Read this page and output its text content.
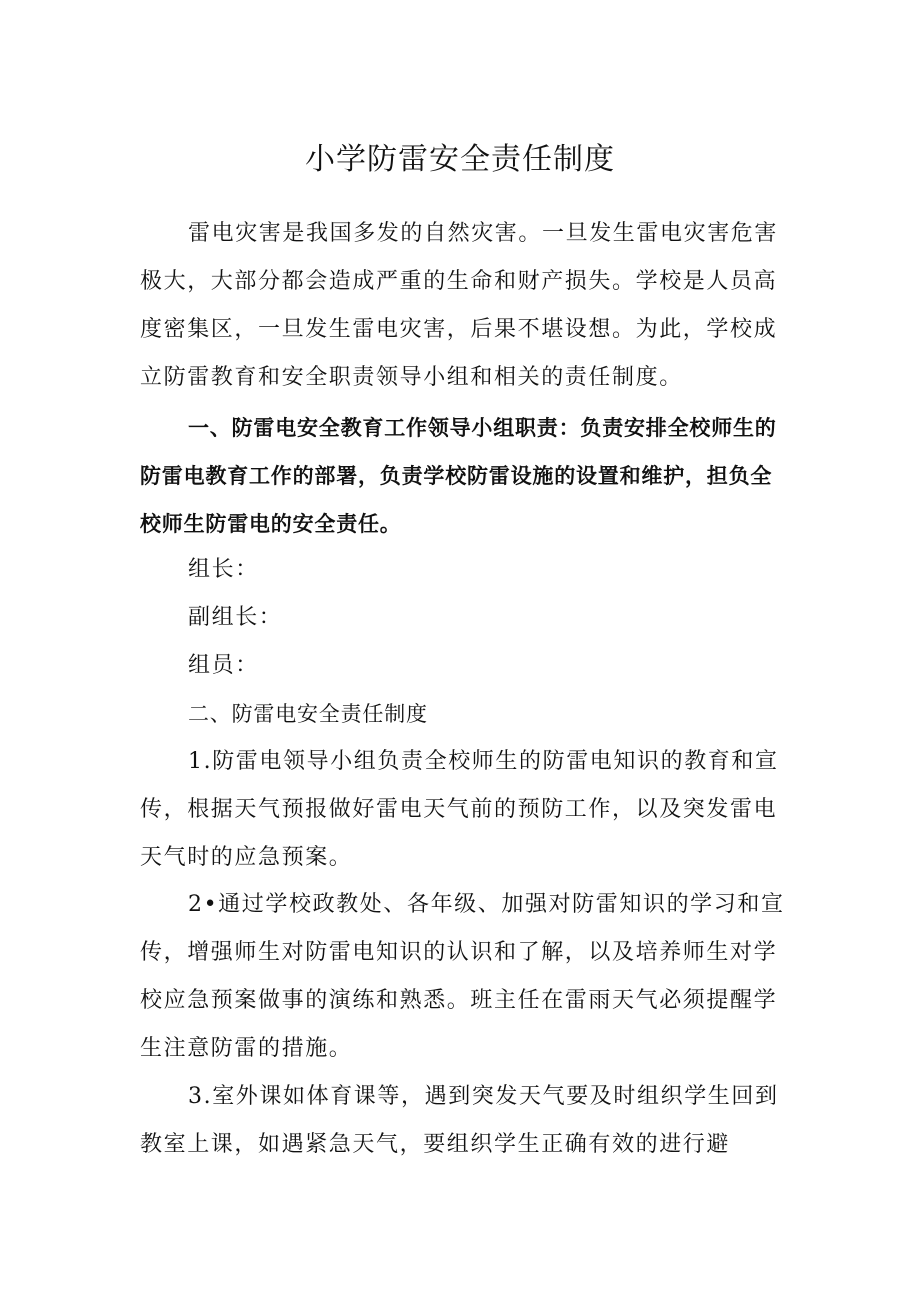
小学防雷安全责任制度

雷电灾害是我国多发的自然灾害。一旦发生雷电灾害危害极大，大部分都会造成严重的生命和财产损失。学校是人员高度密集区，一旦发生雷电灾害，后果不堪设想。为此，学校成立防雷教育和安全职责领导小组和相关的责任制度。

一、防雷电安全教育工作领导小组职责：负责安排全校师生的防雷电教育工作的部署，负责学校防雷设施的设置和维护，担负全校师生防雷电的安全责任。

组长：

副组长：

组员：

二、防雷电安全责任制度

1.防雷电领导小组负责全校师生的防雷电知识的教育和宣传，根据天气预报做好雷电天气前的预防工作，以及突发雷电天气时的应急预案。

2•通过学校政教处、各年级、加强对防雷知识的学习和宣传，增强师生对防雷电知识的认识和了解，以及培养师生对学校应急预案做事的演练和熟悉。班主任在雷雨天气必须提醒学生注意防雷的措施。

3.室外课如体育课等，遇到突发天气要及时组织学生回到教室上课，如遇紧急天气，要组织学生正确有效的进行避
